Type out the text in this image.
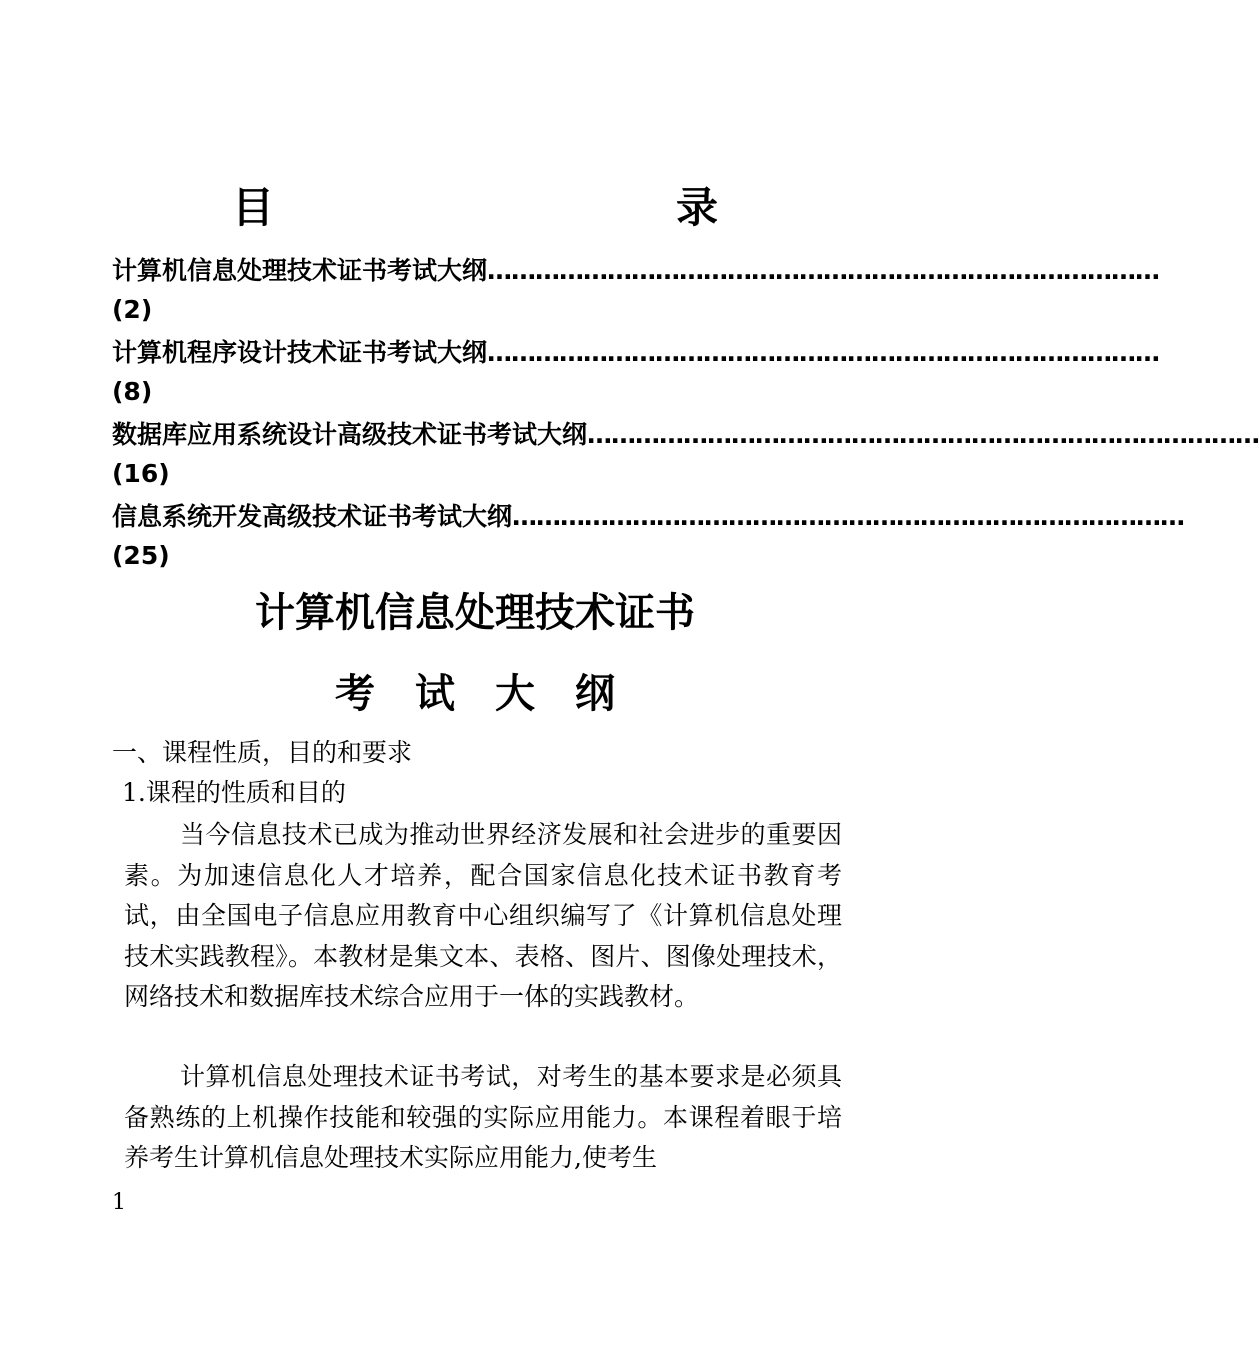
目　录
计算机信息处理技术证书考试大纲 …………………………………………………………………………
(2)
计算机程序设计技术证书考试大纲 …………………………………………………………………………
(8)
数据库应用系统设计高级技术证书考试大纲 …………………………………………………………………………
(16)
信息系统开发高级技术证书考试大纲 …………………………………………………………………………
(25)
计算机信息处理技术证书
考试大纲
一、课程性质，目的和要求
1.课程的性质和目的
当今信息技术已成为推动世界经济发展和社会进步的重要因素。为加速信息化人才培养，配合国家信息化技术证书教育考试，由全国电子信息应用教育中心组织编写了《计算机信息处理技术实践教程》。本教材是集文本、表格、图片、图像处理技术，网络技术和数据库技术综合应用于一体的实践教材。
计算机信息处理技术证书考试，对考生的基本要求是必须具备熟练的上机操作技能和较强的实际应用能力。本课程着眼于培养考生计算机信息处理技术实际应用能力,使考生
1
